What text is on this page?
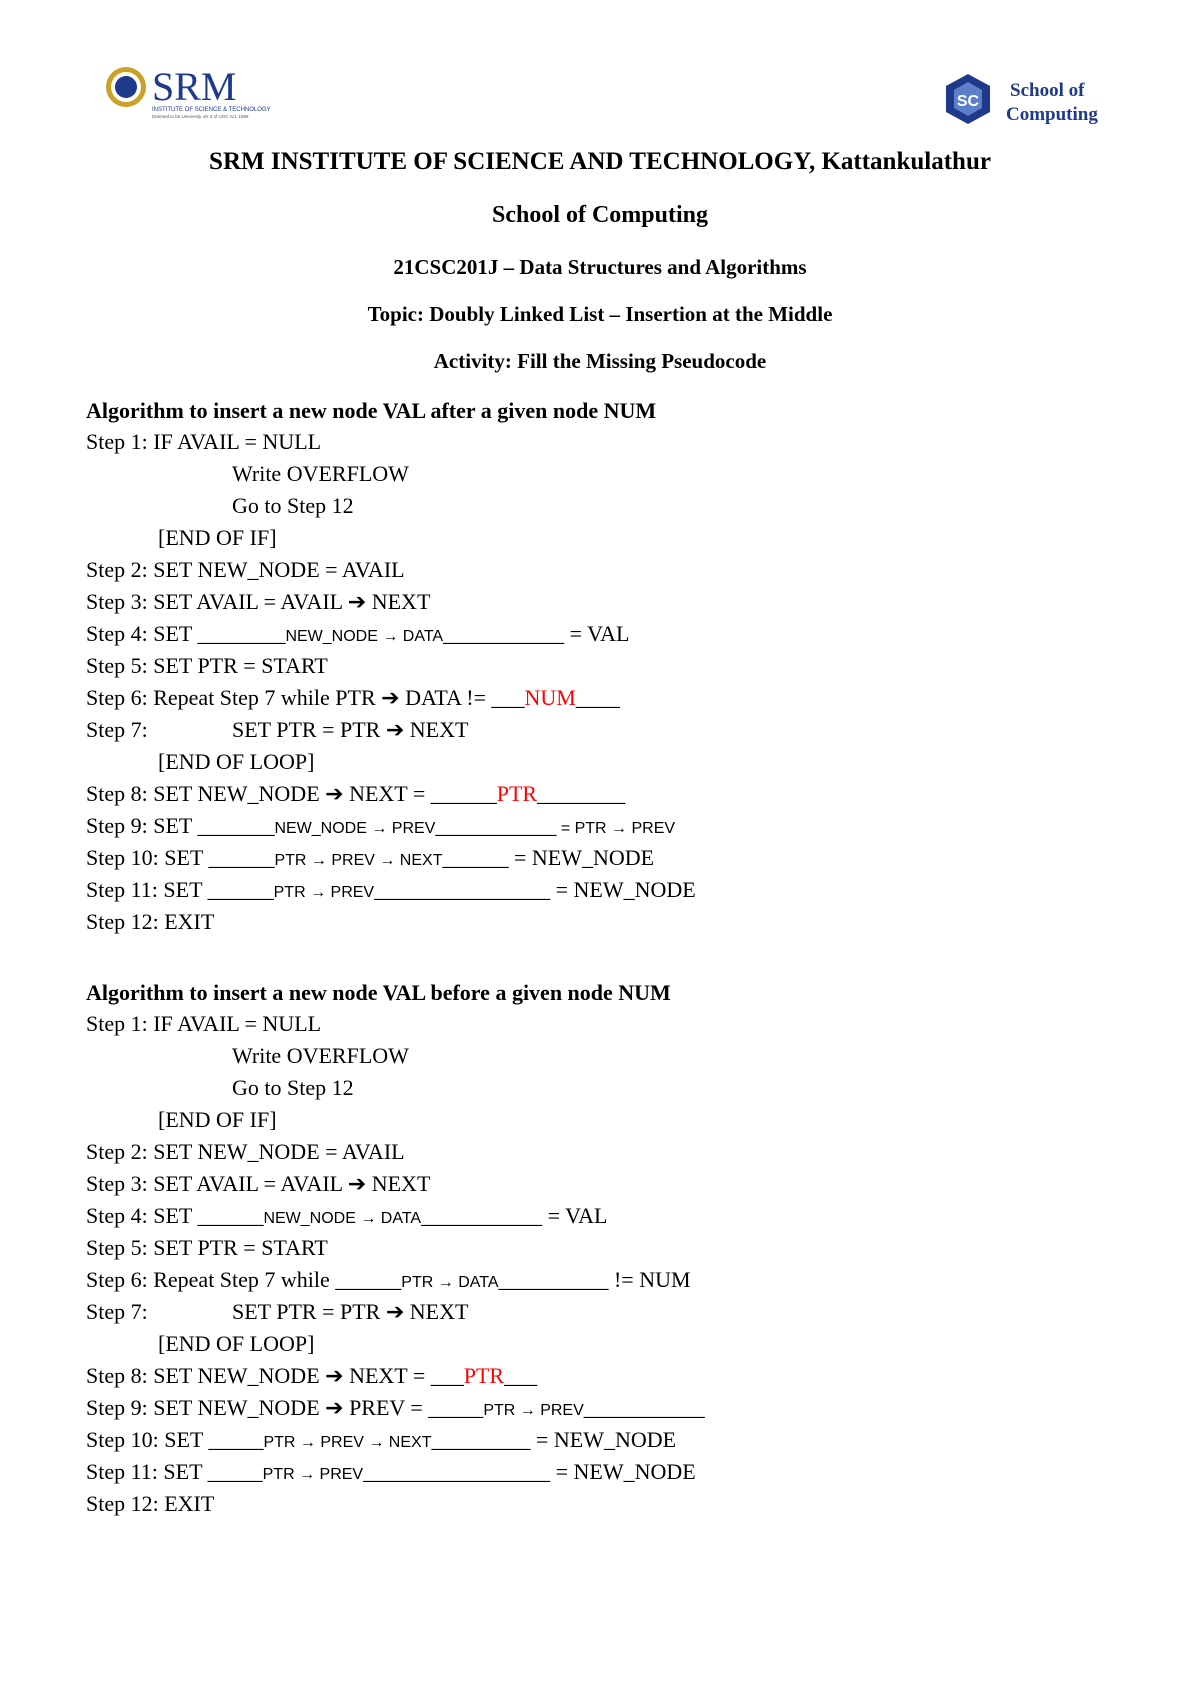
SRM
INSTITUTE OF SCIENCE & TECHNOLOGY
Deemed to be University u/s 3 of UGC Act, 1956
SC
School of
Computing
SRM INSTITUTE OF SCIENCE AND TECHNOLOGY, Kattankulathur
School of Computing
21CSC201J – Data Structures and Algorithms
Topic: Doubly Linked List – Insertion at the Middle
Activity: Fill the Missing Pseudocode
Algorithm to insert a new node VAL after a given node NUM
Step 1: IF AVAIL = NULL
Write OVERFLOW
Go to Step 12
[END OF IF]
Step 2: SET NEW_NODE = AVAIL
Step 3: SET AVAIL = AVAIL ➔ NEXT
Step 4: SET ________NEW_NODE → DATA___________ = VAL
Step 5: SET PTR = START
Step 6: Repeat Step 7 while PTR ➔ DATA != ___NUM____
Step 7:	SET PTR = PTR ➔ NEXT
[END OF LOOP]
Step 8: SET NEW_NODE ➔ NEXT = ______PTR________
Step 9: SET _______NEW_NODE → PREV___________ = PTR → PREV
Step 10: SET ______PTR → PREV → NEXT______ = NEW_NODE
Step 11: SET ______PTR → PREV________________ = NEW_NODE
Step 12: EXIT
Algorithm to insert a new node VAL before a given node NUM
Step 1: IF AVAIL = NULL
Write OVERFLOW
Go to Step 12
[END OF IF]
Step 2: SET NEW_NODE = AVAIL
Step 3: SET AVAIL = AVAIL ➔ NEXT
Step 4: SET ______NEW_NODE → DATA___________ = VAL
Step 5: SET PTR = START
Step 6: Repeat Step 7 while ______PTR → DATA__________ != NUM
Step 7:	SET PTR = PTR ➔ NEXT
[END OF LOOP]
Step 8: SET NEW_NODE ➔ NEXT = ___PTR___
Step 9: SET NEW_NODE ➔ PREV = _____PTR → PREV___________
Step 10: SET _____PTR → PREV → NEXT_________ = NEW_NODE
Step 11: SET _____PTR → PREV_________________ = NEW_NODE
Step 12: EXIT
